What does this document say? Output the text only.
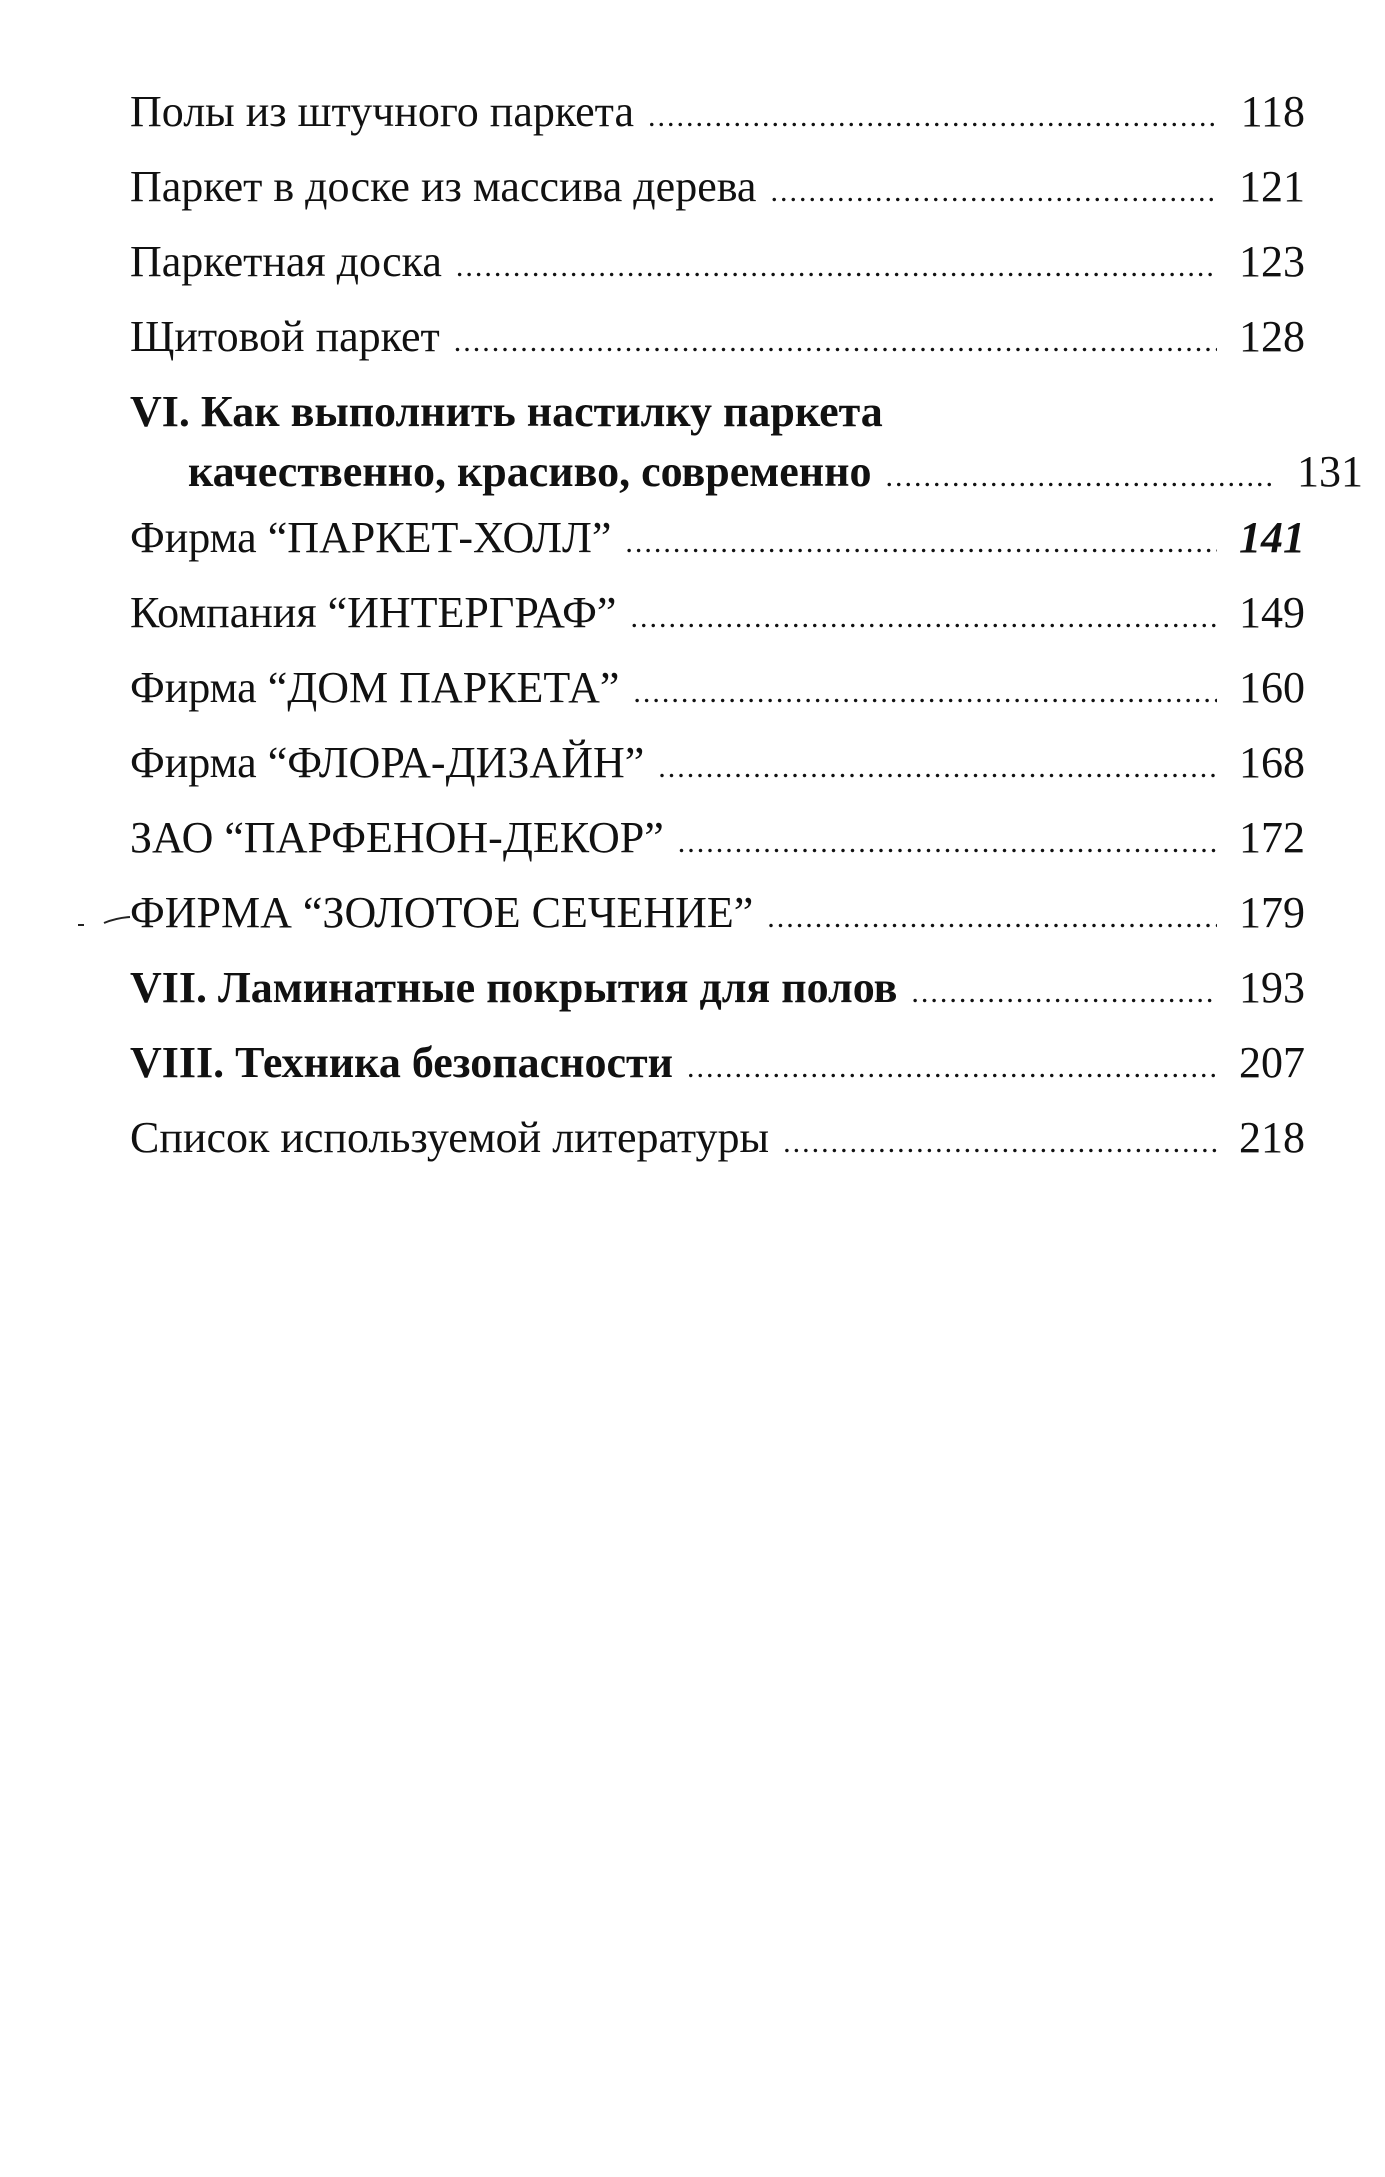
Полы из штучного паркета .....	118
Паркет в доске из массива дерева .....	121
Паркетная доска .....	123
Щитовой паркет .....	128
VI. Как выполнить настилку паркета
качественно, красиво, современно .....	131
Фирма “ПАРКЕТ-ХОЛЛ” .....	141
Компания “ИНТЕРГРАФ” .....	149
Фирма “ДОМ ПАРКЕТА” .....	160
Фирма “ФЛОРА-ДИЗАЙН” .....	168
ЗАО “ПАРФЕНОН-ДЕКОР” .....	172
ФИРМА “ЗОЛОТОЕ СЕЧЕНИЕ” .....	179
VII. Ламинатные покрытия для полов .....	193
VIII. Техника безопасности .....	207
Список используемой литературы .....	218
